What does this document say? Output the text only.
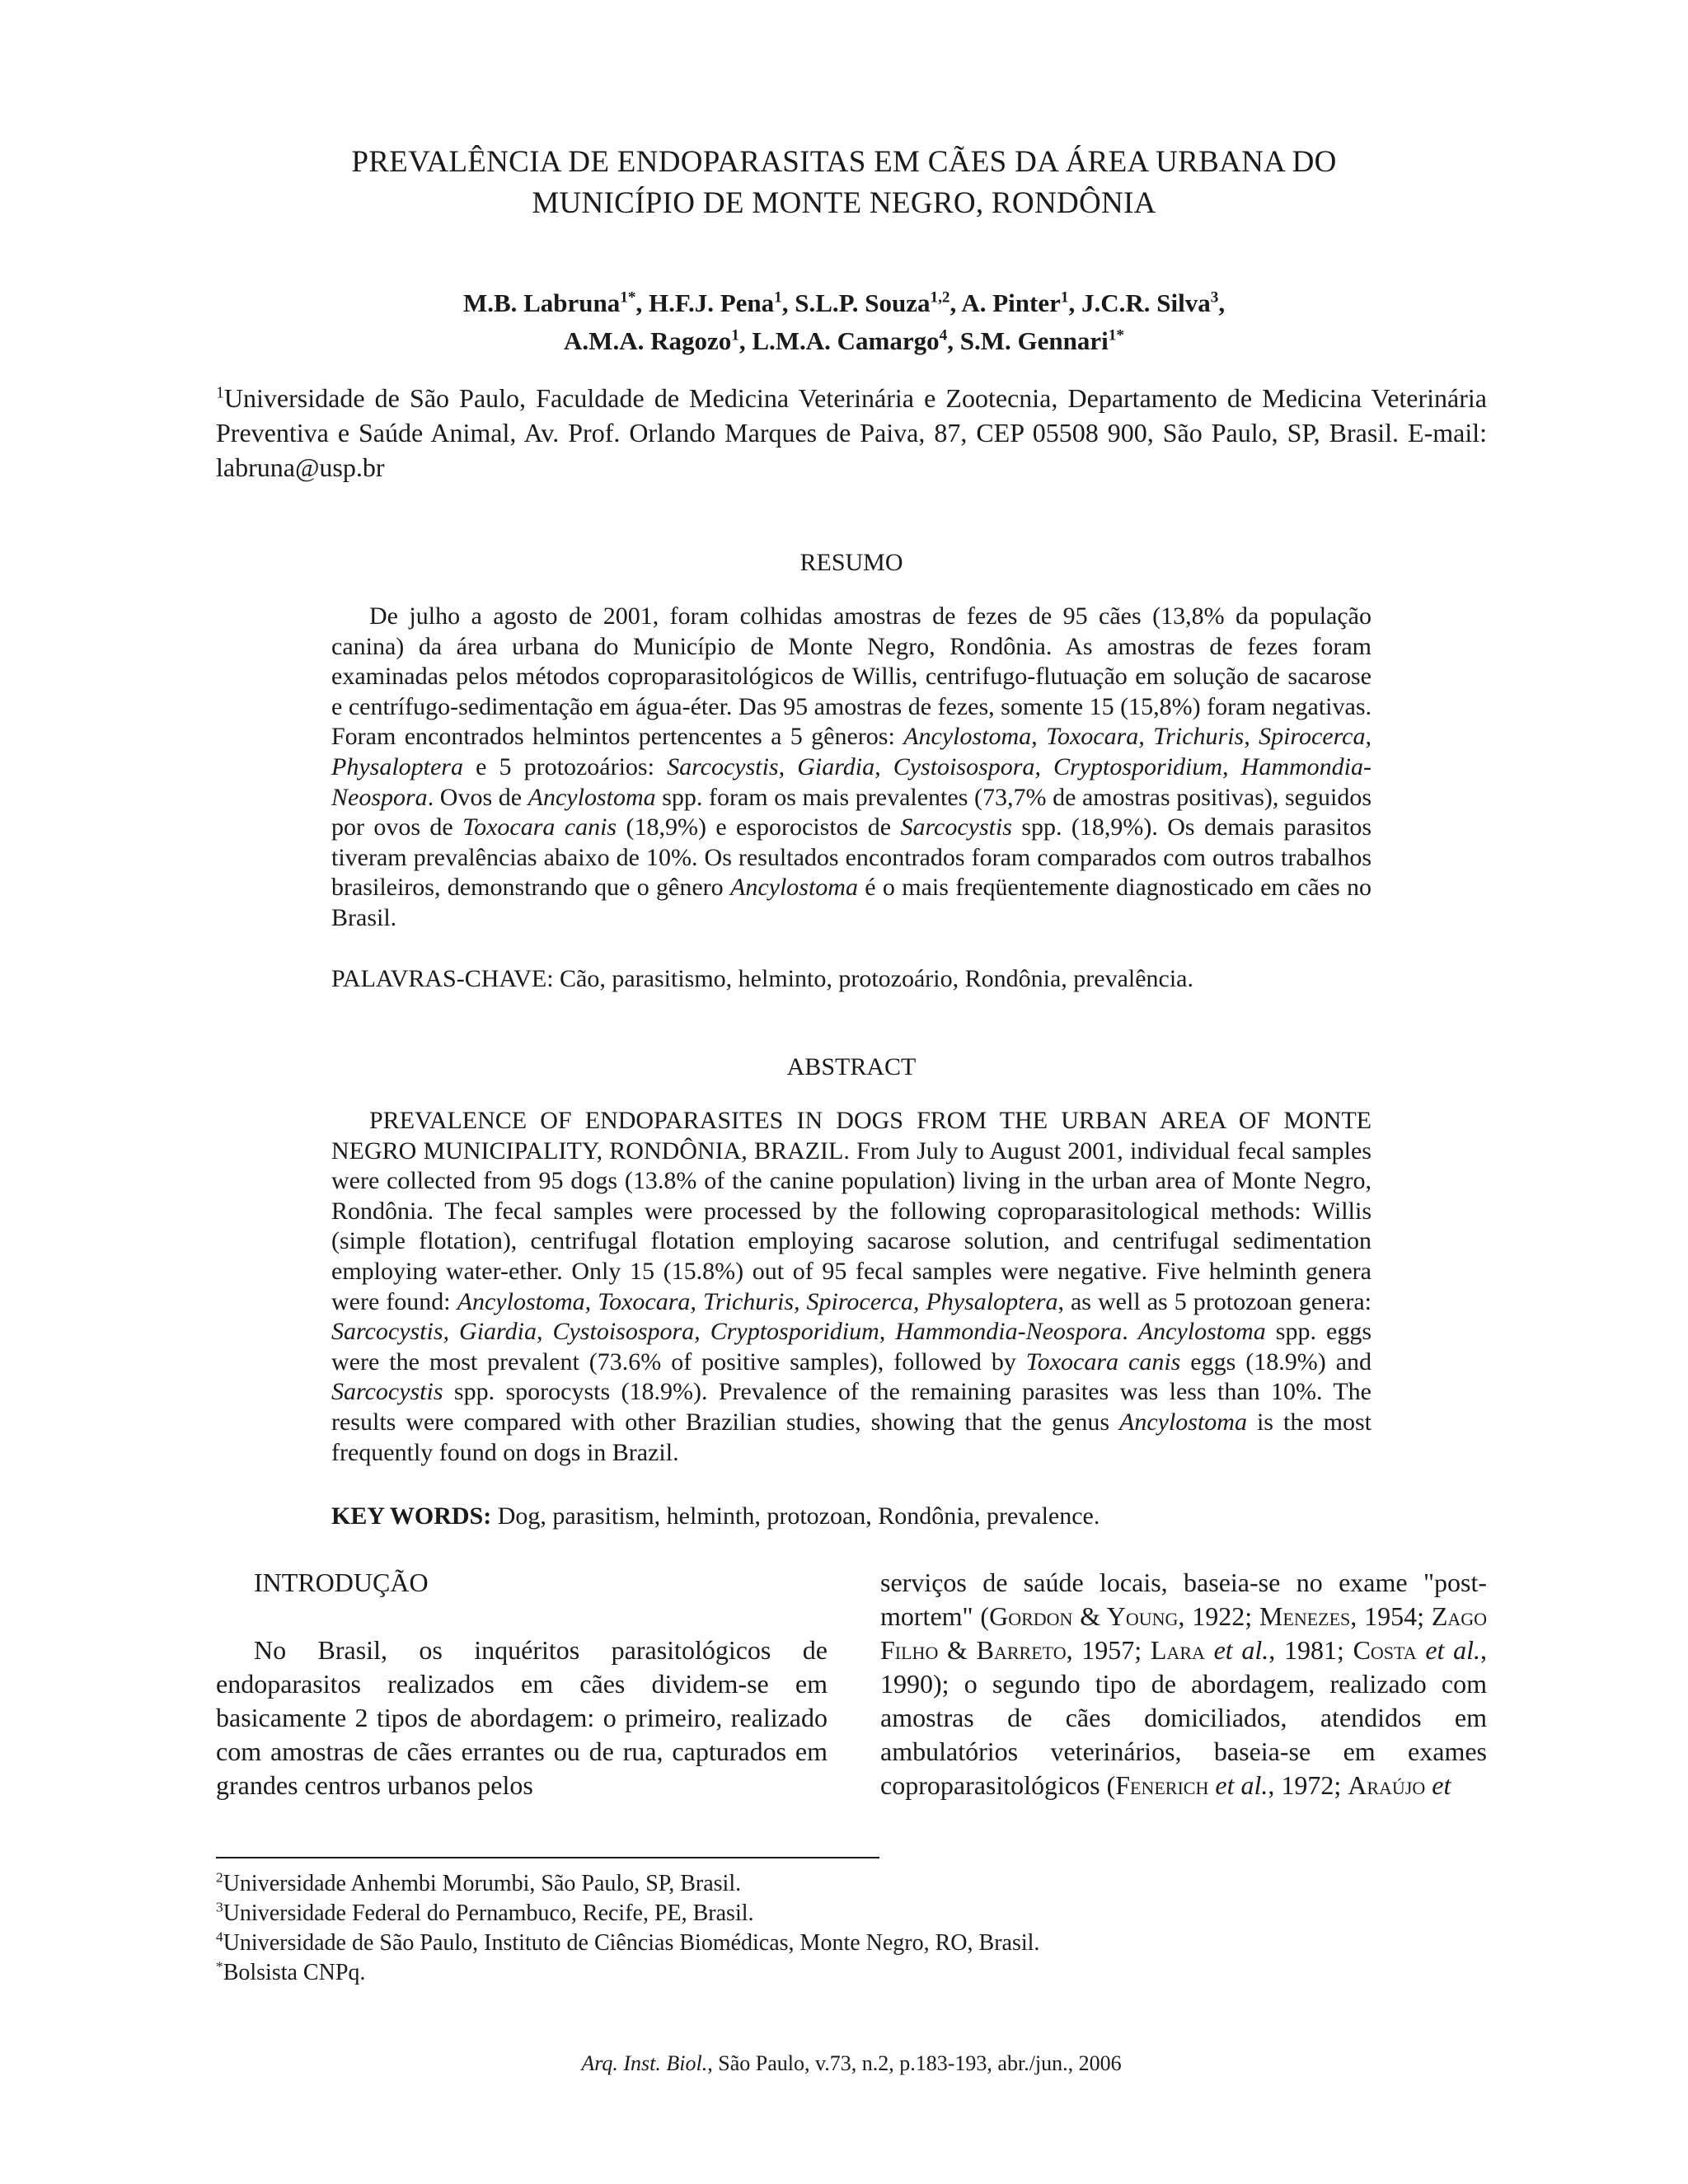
PREVALÊNCIA DE ENDOPARASITAS EM CÃES DA ÁREA URBANA DO
MUNICÍPIO DE MONTE NEGRO, RONDÔNIA
M.B. Labruna$^{1*}$, H.F.J. Pena$^1$, S.L.P. Souza$^{1,2}$, A. Pinter$^1$, J.C.R. Silva$^3$,
A.M.A. Ragozo$^1$, L.M.A. Camargo$^4$, S.M. Gennari$^{1*}$
$^1$Universidade de São Paulo, Faculdade de Medicina Veterinária e Zootecnia, Departamento de Medicina Veterinária Preventiva e Saúde Animal, Av. Prof. Orlando Marques de Paiva, 87, CEP 05508 900, São Paulo, SP, Brasil. E-mail: labruna@usp.br
RESUMO
De julho a agosto de 2001, foram colhidas amostras de fezes de 95 cães (13,8% da população canina) da área urbana do Município de Monte Negro, Rondônia. As amostras de fezes foram examinadas pelos métodos coproparasitológicos de Willis, centrifugo-flutuação em solução de sacarose e centrífugo-sedimentação em água-éter. Das 95 amostras de fezes, somente 15 (15,8%) foram negativas. Foram encontrados helmintos pertencentes a 5 gêneros: Ancylostoma, Toxocara, Trichuris, Spirocerca, Physaloptera e 5 protozoários: Sarcocystis, Giardia, Cystoisospora, Cryptosporidium, Hammondia-Neospora. Ovos de Ancylostoma spp. foram os mais prevalentes (73,7% de amostras positivas), seguidos por ovos de Toxocara canis (18,9%) e esporocistos de Sarcocystis spp. (18,9%). Os demais parasitos tiveram prevalências abaixo de 10%. Os resultados encontrados foram comparados com outros trabalhos brasileiros, demonstrando que o gênero Ancylostoma é o mais freqüentemente diagnosticado em cães no Brasil.
PALAVRAS-CHAVE: Cão, parasitismo, helminto, protozoário, Rondônia, prevalência.
ABSTRACT
PREVALENCE OF ENDOPARASITES IN DOGS FROM THE URBAN AREA OF MONTE NEGRO MUNICIPALITY, RONDÔNIA, BRAZIL. From July to August 2001, individual fecal samples were collected from 95 dogs (13.8% of the canine population) living in the urban area of Monte Negro, Rondônia. The fecal samples were processed by the following coproparasitological methods: Willis (simple flotation), centrifugal flotation employing sacarose solution, and centrifugal sedimentation employing water-ether. Only 15 (15.8%) out of 95 fecal samples were negative. Five helminth genera were found: Ancylostoma, Toxocara, Trichuris, Spirocerca, Physaloptera, as well as 5 protozoan genera: Sarcocystis, Giardia, Cystoisospora, Cryptosporidium, Hammondia-Neospora. Ancylostoma spp. eggs were the most prevalent (73.6% of positive samples), followed by Toxocara canis eggs (18.9%) and Sarcocystis spp. sporocysts (18.9%). Prevalence of the remaining parasites was less than 10%. The results were compared with other Brazilian studies, showing that the genus Ancylostoma is the most frequently found on dogs in Brazil.
KEY WORDS: Dog, parasitism, helminth, protozoan, Rondônia, prevalence.
INTRODUÇÃO

No Brasil, os inquéritos parasitológicos de endoparasitos realizados em cães dividem-se em basicamente 2 tipos de abordagem: o primeiro, realizado com amostras de cães errantes ou de rua, capturados em grandes centros urbanos pelos

serviços de saúde locais, baseia-se no exame "post-mortem" (Gordon & Young, 1922; Menezes, 1954; Zago Filho & Barreto, 1957; Lara et al., 1981; Costa et al., 1990); o segundo tipo de abordagem, realizado com amostras de cães domiciliados, atendidos em ambulatórios veterinários, baseia-se em exames coproparasitológicos (Fenerich et al., 1972; Araújo et
$^2$Universidade Anhembi Morumbi, São Paulo, SP, Brasil.
$^3$Universidade Federal do Pernambuco, Recife, PE, Brasil.
$^4$Universidade de São Paulo, Instituto de Ciências Biomédicas, Monte Negro, RO, Brasil.
*Bolsista CNPq.
Arq. Inst. Biol., São Paulo, v.73, n.2, p.183-193, abr./jun., 2006
